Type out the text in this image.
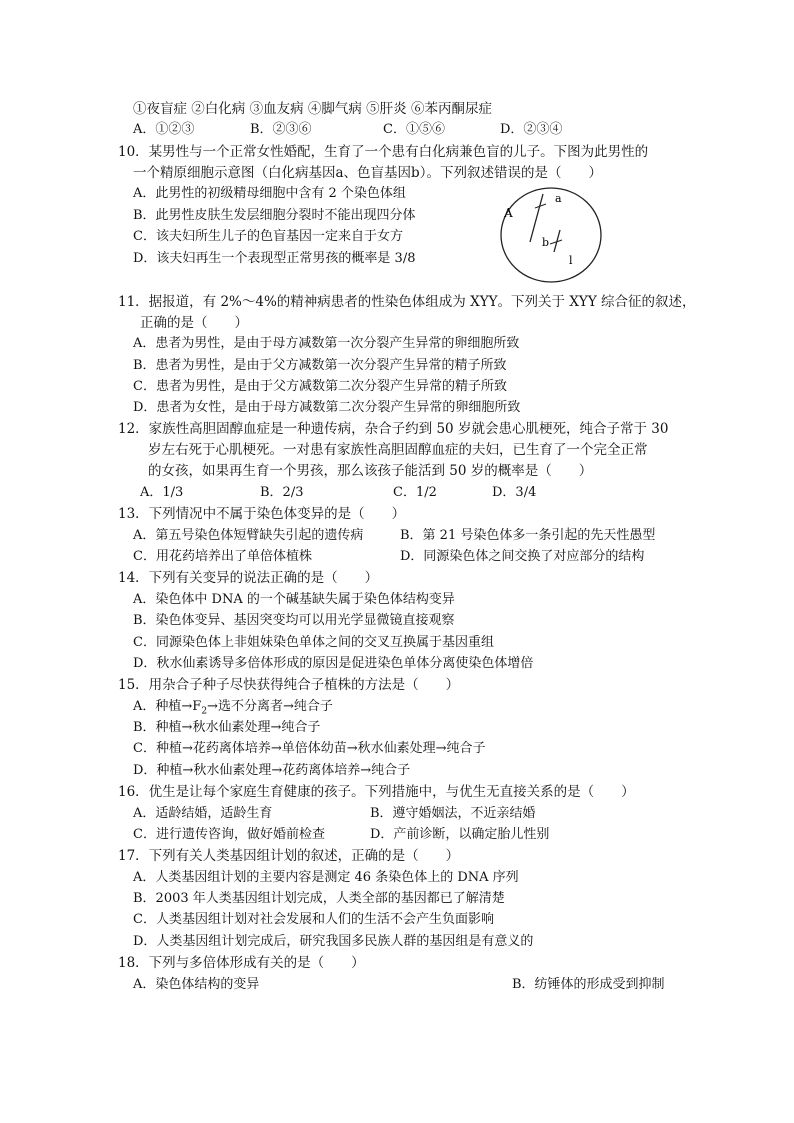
①夜盲症 ②白化病 ③血友病 ④脚气病 ⑤肝炎 ⑥苯丙酮尿症
A．①②③	B．②③⑥	C．①⑤⑥	D．②③④
10．某男性与一个正常女性婚配，生育了一个患有白化病兼色盲的儿子。下图为此男性的
一个精原细胞示意图（白化病基因a、色盲基因b）。下列叙述错误的是（　　）
A．此男性的初级精母细胞中含有 2 个染色体组
B．此男性皮肤生发层细胞分裂时不能出现四分体
C．该夫妇所生儿子的色盲基因一定来自于女方
D．该夫妇再生一个表现型正常男孩的概率是 3/8
A
a
b
l
11．据报道，有 2%～4%的精神病患者的性染色体组成为 XYY。下列关于 XYY 综合征的叙述，
正确的是（　　）
A．患者为男性，是由于母方减数第一次分裂产生异常的卵细胞所致
B．患者为男性，是由于父方减数第一次分裂产生异常的精子所致
C．患者为男性，是由于父方减数第二次分裂产生异常的精子所致
D．患者为女性，是由于母方减数第二次分裂产生异常的卵细胞所致
12．家族性高胆固醇血症是一种遗传病，杂合子约到 50 岁就会患心肌梗死，纯合子常于 30
岁左右死于心肌梗死。一对患有家族性高胆固醇血症的夫妇，已生育了一个完全正常
的女孩，如果再生育一个男孩，那么该孩子能活到 50 岁的概率是（　　）
A．1/3	B．2/3	C．1/2	D．3/4
13．下列情况中不属于染色体变异的是（　　）
A．第五号染色体短臂缺失引起的遗传病	B．第 21 号染色体多一条引起的先天性愚型
C．用花药培养出了单倍体植株	D．同源染色体之间交换了对应部分的结构
14．下列有关变异的说法正确的是（　　）
A．染色体中 DNA 的一个碱基缺失属于染色体结构变异
B．染色体变异、基因突变均可以用光学显微镜直接观察
C．同源染色体上非姐妹染色单体之间的交叉互换属于基因重组
D．秋水仙素诱导多倍体形成的原因是促进染色单体分离使染色体增倍
15．用杂合子种子尽快获得纯合子植株的方法是（　　）
A．种植$\to F_2\to$选不分离者→纯合子
B．种植→秋水仙素处理→纯合子
C．种植→花药离体培养→单倍体幼苗→秋水仙素处理→纯合子
D．种植→秋水仙素处理→花药离体培养→纯合子
16．优生是让每个家庭生育健康的孩子。下列措施中，与优生无直接关系的是（　　）
A．适龄结婚，适龄生育	B．遵守婚姻法，不近亲结婚
C．进行遗传咨询，做好婚前检查	D．产前诊断，以确定胎儿性别
17．下列有关人类基因组计划的叙述，正确的是（　　）
A．人类基因组计划的主要内容是测定 46 条染色体上的 DNA 序列
B．2003 年人类基因组计划完成，人类全部的基因都已了解清楚
C．人类基因组计划对社会发展和人们的生活不会产生负面影响
D．人类基因组计划完成后，研究我国多民族人群的基因组是有意义的
18．下列与多倍体形成有关的是（　　）
A．染色体结构的变异	B．纺锤体的形成受到抑制
